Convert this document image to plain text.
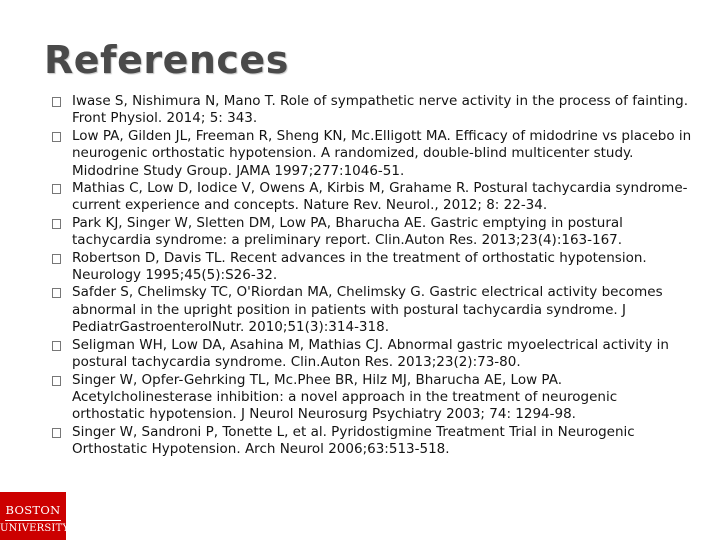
References
Iwase S, Nishimura N, Mano T. Role of sympathetic nerve activity in the process of fainting. Front Physiol. 2014; 5: 343.
Low PA, Gilden JL, Freeman R, Sheng KN, Mc.Elligott MA. Efficacy of midodrine vs placebo in neurogenic orthostatic hypotension. A randomized, double-blind multicenter study. Midodrine Study Group. JAMA 1997;277:1046-51.
Mathias C, Low D, Iodice V, Owens A, Kirbis M, Grahame R. Postural tachycardia syndrome- current experience and concepts. Nature Rev. Neurol., 2012; 8: 22-34.
Park KJ, Singer W, Sletten DM, Low PA, Bharucha AE. Gastric emptying in postural tachycardia syndrome: a preliminary report. Clin.Auton Res. 2013;23(4):163-167.
Robertson D, Davis TL. Recent advances in the treatment of orthostatic hypotension. Neurology 1995;45(5):S26-32.
Safder S, Chelimsky TC, O'Riordan MA, Chelimsky G. Gastric electrical activity becomes abnormal in the upright position in patients with postural tachycardia syndrome. J PediatrGastroenterolNutr. 2010;51(3):314-318.
Seligman WH, Low DA, Asahina M, Mathias CJ. Abnormal gastric myoelectrical activity in postural tachycardia syndrome. Clin.Auton Res. 2013;23(2):73-80.
Singer W, Opfer-Gehrking TL, Mc.Phee BR, Hilz MJ, Bharucha AE, Low PA. Acetylcholinesterase inhibition: a novel approach in the treatment of neurogenic orthostatic hypotension. J Neurol Neurosurg Psychiatry 2003; 74: 1294-98.
Singer W, Sandroni P, Tonette L, et al. Pyridostigmine Treatment Trial in Neurogenic Orthostatic Hypotension. Arch Neurol 2006;63:513-518.
BOSTON
UNIVERSITY
